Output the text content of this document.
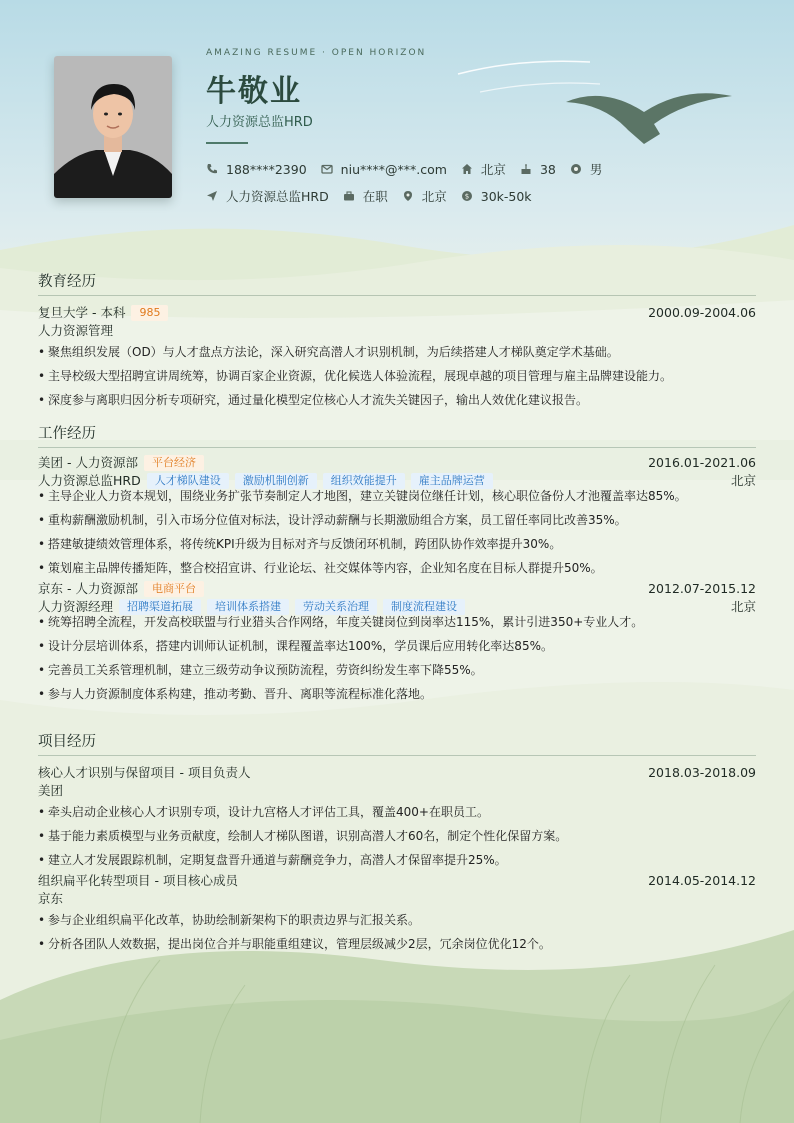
AMAZING RESUME · OPEN HORIZON
牛敬业
人力资源总监HRD
188****2390	niu****@***.com	北京	38	男
人力资源总监HRD	在职	北京	$ 30k-50k
教育经历
复旦大学 - 本科	985	2000.09-2004.06
人力资源管理
• 聚焦组织发展（OD）与人才盘点方法论，深入研究高潜人才识别机制，为后续搭建人才梯队奠定学术基础。
• 主导校级大型招聘宣讲周统筹，协调百家企业资源，优化候选人体验流程，展现卓越的项目管理与雇主品牌建设能力。
• 深度参与离职归因分析专项研究，通过量化模型定位核心人才流失关键因子，输出人效优化建议报告。
工作经历
美团 - 人力资源部	平台经济	2016.01-2021.06
人力资源总监HRD	人才梯队建设	激励机制创新	组织效能提升	雇主品牌运营	北京
• 主导企业人力资本规划，围绕业务扩张节奏制定人才地图，建立关键岗位继任计划，核心职位备份人才池覆盖率达85%。
• 重构薪酬激励机制，引入市场分位值对标法，设计浮动薪酬与长期激励组合方案，员工留任率同比改善35%。
• 搭建敏捷绩效管理体系，将传统KPI升级为目标对齐与反馈闭环机制，跨团队协作效率提升30%。
• 策划雇主品牌传播矩阵，整合校招宣讲、行业论坛、社交媒体等内容，企业知名度在目标人群提升50%。
京东 - 人力资源部	电商平台	2012.07-2015.12
人力资源经理	招聘渠道拓展	培训体系搭建	劳动关系治理	制度流程建设	北京
• 统筹招聘全流程，开发高校联盟与行业猎头合作网络，年度关键岗位到岗率达115%，累计引进350+专业人才。
• 设计分层培训体系，搭建内训师认证机制，课程覆盖率达100%，学员课后应用转化率达85%。
• 完善员工关系管理机制，建立三级劳动争议预防流程，劳资纠纷发生率下降55%。
• 参与人力资源制度体系构建，推动考勤、晋升、离职等流程标准化落地。
项目经历
核心人才识别与保留项目 - 项目负责人	2018.03-2018.09
美团
• 牵头启动企业核心人才识别专项，设计九宫格人才评估工具，覆盖400+在职员工。
• 基于能力素质模型与业务贡献度，绘制人才梯队图谱，识别高潜人才60名，制定个性化保留方案。
• 建立人才发展跟踪机制，定期复盘晋升通道与薪酬竞争力，高潜人才保留率提升25%。
组织扁平化转型项目 - 项目核心成员	2014.05-2014.12
京东
• 参与企业组织扁平化改革，协助绘制新架构下的职责边界与汇报关系。
• 分析各团队人效数据，提出岗位合并与职能重组建议，管理层级减少2层，冗余岗位优化12个。
